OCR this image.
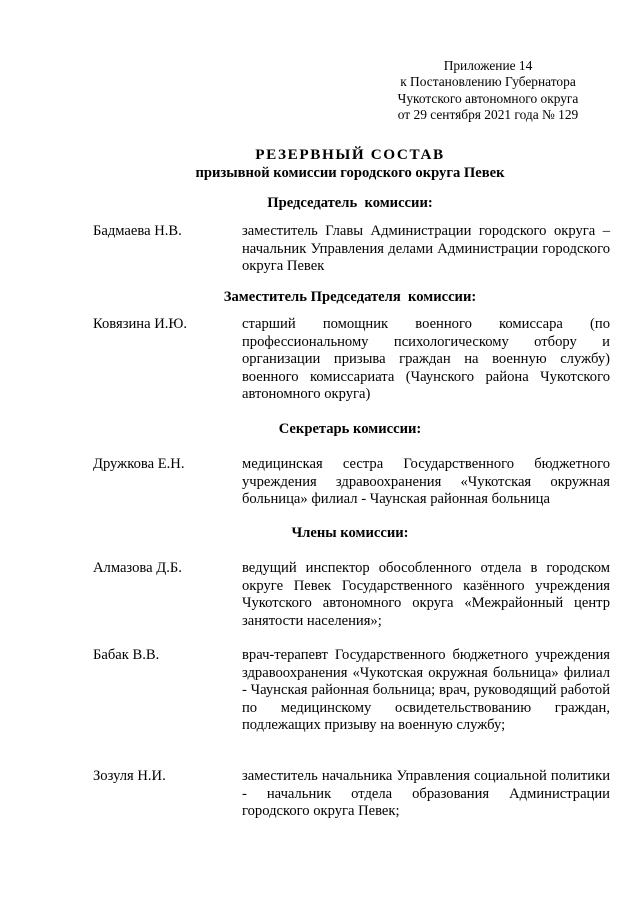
Приложение 14
к Постановлению Губернатора
Чукотского автономного округа
от 29 сентября 2021 года № 129
РЕЗЕРВНЫЙ СОСТАВ
призывной комиссии городского округа Певек
Председатель  комиссии:
Бадмаева Н.В.	заместитель Главы Администрации городского округа – начальник Управления делами Администрации городского округа Певек
Заместитель Председателя  комиссии:
Ковязина И.Ю.	старший помощник военного комиссара (по профессиональному психологическому отбору и организации призыва граждан на военную службу) военного комиссариата (Чаунского района Чукотского автономного округа)
Секретарь комиссии:
Дружкова Е.Н.	медицинская сестра Государственного бюджетного учреждения здравоохранения «Чукотская окружная больница» филиал - Чаунская районная больница
Члены комиссии:
Алмазова Д.Б.	ведущий инспектор обособленного отдела в городском округе Певек Государственного казённого учреждения Чукотского автономного округа «Межрайонный центр занятости населения»;
Бабак В.В.	врач-терапевт Государственного бюджетного учреждения здравоохранения «Чукотская окружная больница» филиал - Чаунская районная больница; врач, руководящий работой по медицинскому освидетельствованию граждан, подлежащих призыву на военную службу;
Зозуля Н.И.	заместитель начальника Управления социальной политики - начальник отдела образования Администрации городского округа Певек;
